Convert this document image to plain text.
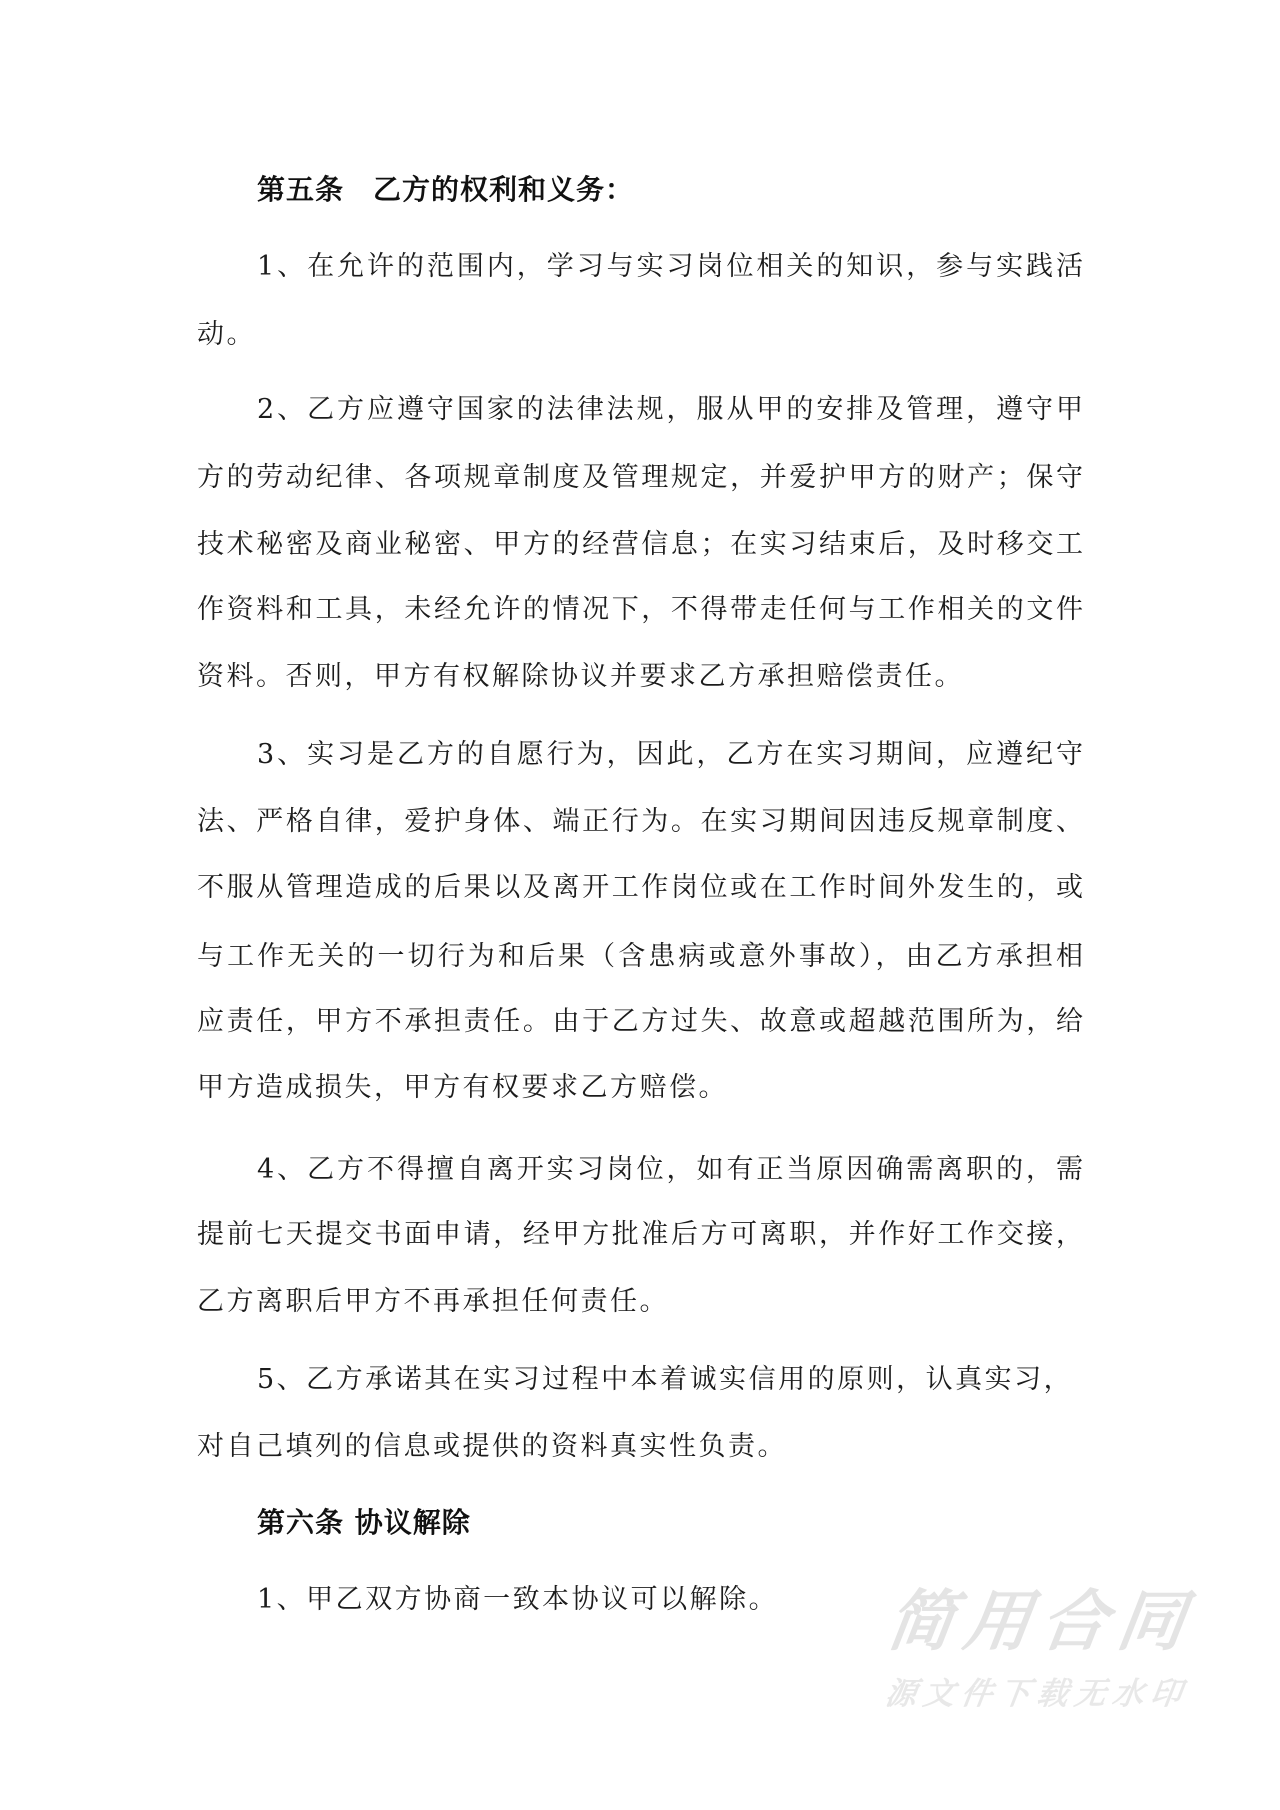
第五条　乙方的权利和义务：
1、在允许的范围内，学习与实习岗位相关的知识，参与实践活
动。
2、乙方应遵守国家的法律法规，服从甲的安排及管理，遵守甲
方的劳动纪律、各项规章制度及管理规定，并爱护甲方的财产；保守
技术秘密及商业秘密、甲方的经营信息；在实习结束后，及时移交工
作资料和工具，未经允许的情况下，不得带走任何与工作相关的文件
资料。否则，甲方有权解除协议并要求乙方承担赔偿责任。
3、实习是乙方的自愿行为，因此，乙方在实习期间，应遵纪守
法、严格自律，爱护身体、端正行为。在实习期间因违反规章制度、
不服从管理造成的后果以及离开工作岗位或在工作时间外发生的，或
与工作无关的一切行为和后果（含患病或意外事故），由乙方承担相
应责任，甲方不承担责任。由于乙方过失、故意或超越范围所为，给
甲方造成损失，甲方有权要求乙方赔偿。
4、乙方不得擅自离开实习岗位，如有正当原因确需离职的，需
提前七天提交书面申请，经甲方批准后方可离职，并作好工作交接，
乙方离职后甲方不再承担任何责任。
5、乙方承诺其在实习过程中本着诚实信用的原则，认真实习，
对自己填列的信息或提供的资料真实性负责。
第六条 协议解除
1、甲乙双方协商一致本协议可以解除。	简用合同
源文件下载无水印
